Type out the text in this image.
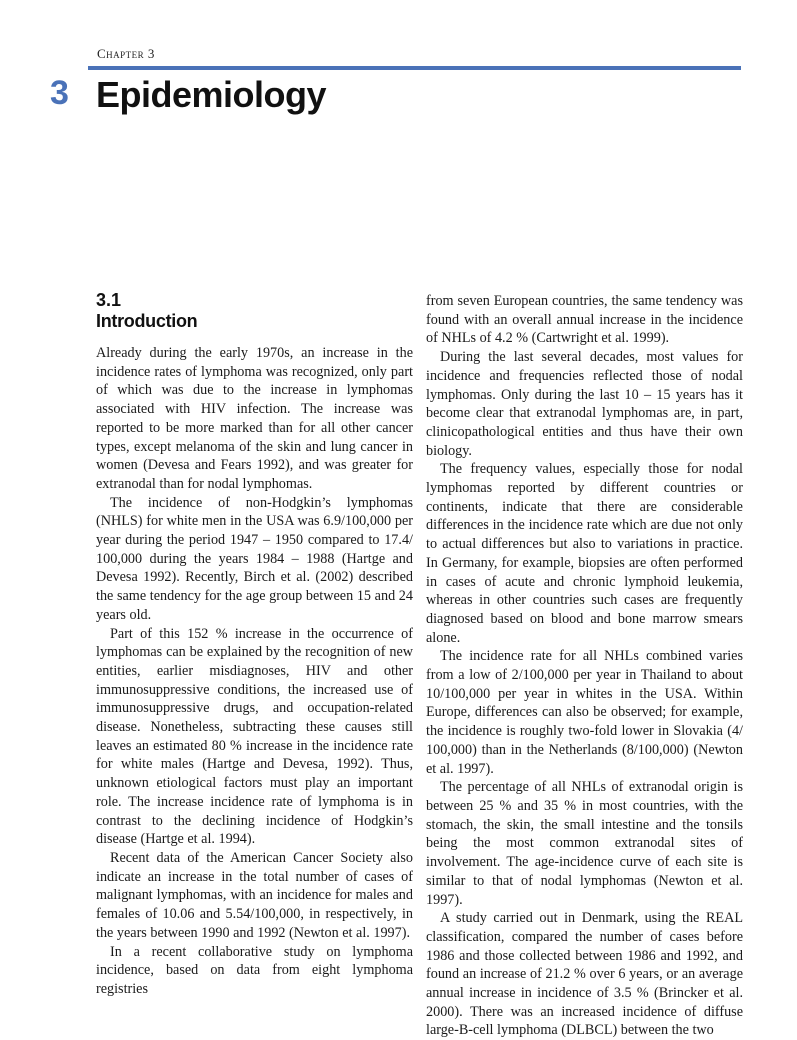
Chapter 3
3 Epidemiology
3.1
Introduction

Already during the early 1970s, an increase in the incidence rates of lymphoma was recognized, only part of which was due to the increase in lymphomas associated with HIV infection. The increase was reported to be more marked than for all other cancer types, except melanoma of the skin and lung cancer in women (Devesa and Fears 1992), and was greater for extranodal than for nodal lymphomas.

The incidence of non-Hodgkin’s lymphomas (NHLS) for white men in the USA was 6.9/100,000 per year during the period 1947 – 1950 compared to 17.4/ 100,000 during the years 1984 – 1988 (Hartge and Devesa 1992). Recently, Birch et al. (2002) described the same tendency for the age group between 15 and 24 years old.

Part of this 152 % increase in the occurrence of lymphomas can be explained by the recognition of new entities, earlier misdiagnoses, HIV and other immunosuppressive conditions, the increased use of immunosuppressive drugs, and occupation-related disease. Nonetheless, subtracting these causes still leaves an estimated 80 % increase in the incidence rate for white males (Hartge and Devesa, 1992). Thus, unknown etiological factors must play an important role. The increase incidence rate of lymphoma is in contrast to the declining incidence of Hodgkin’s disease (Hartge et al. 1994).

Recent data of the American Cancer Society also indicate an increase in the total number of cases of malignant lymphomas, with an incidence for males and females of 10.06 and 5.54/100,000, in respectively, in the years between 1990 and 1992 (Newton et al. 1997).

In a recent collaborative study on lymphoma incidence, based on data from eight lymphoma registries

from seven European countries, the same tendency was found with an overall annual increase in the incidence of NHLs of 4.2 % (Cartwright et al. 1999).

During the last several decades, most values for incidence and frequencies reflected those of nodal lymphomas. Only during the last 10 – 15 years has it become clear that extranodal lymphomas are, in part, clinicopathological entities and thus have their own biology.

The frequency values, especially those for nodal lymphomas reported by different countries or continents, indicate that there are considerable differences in the incidence rate which are due not only to actual differences but also to variations in practice. In Germany, for example, biopsies are often performed in cases of acute and chronic lymphoid leukemia, whereas in other countries such cases are frequently diagnosed based on blood and bone marrow smears alone.

The incidence rate for all NHLs combined varies from a low of 2/100,000 per year in Thailand to about 10/100,000 per year in whites in the USA. Within Europe, differences can also be observed; for example, the incidence is roughly two-fold lower in Slovakia (4/ 100,000) than in the Netherlands (8/100,000) (Newton et al. 1997).

The percentage of all NHLs of extranodal origin is between 25 % and 35 % in most countries, with the stomach, the skin, the small intestine and the tonsils being the most common extranodal sites of involvement. The age-incidence curve of each site is similar to that of nodal lymphomas (Newton et al. 1997).

A study carried out in Denmark, using the REAL classification, compared the number of cases before 1986 and those collected between 1986 and 1992, and found an increase of 21.2 % over 6 years, or an average annual increase in incidence of 3.5 % (Brincker et al. 2000). There was an increased incidence of diffuse large-B-cell lymphoma (DLBCL) between the two
